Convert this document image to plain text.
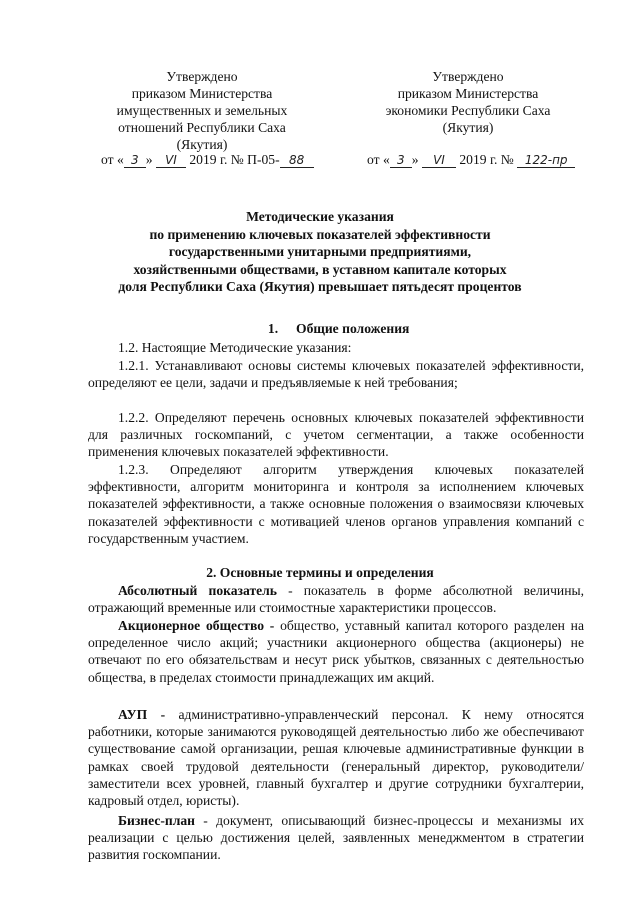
Утверждено
приказом Министерства
имущественных и земельных
отношений Республики Саха
(Якутия)
от « 3 » VI 2019 г. № П-05- 88
Утверждено
приказом Министерства
экономики Республики Саха
(Якутия)
от « 3 » VI 2019 г. № 122-пр
Методические указания
по применению ключевых показателей эффективности
государственными унитарными предприятиями,
хозяйственными обществами, в уставном капитале которых
доля Республики Саха (Якутия) превышает пятьдесят процентов
1. Общие положения
1.2. Настоящие Методические указания:
1.2.1. Устанавливают основы системы ключевых показателей эффективности, определяют ее цели, задачи и предъявляемые к ней требования;
1.2.2. Определяют перечень основных ключевых показателей эффективности для различных госкомпаний, с учетом сегментации, а также особенности применения ключевых показателей эффективности.
1.2.3. Определяют алгоритм утверждения ключевых показателей эффективности, алгоритм мониторинга и контроля за исполнением ключевых показателей эффективности, а также основные положения о взаимосвязи ключевых показателей эффективности с мотивацией членов органов управления компаний с государственным участием.
2. Основные термины и определения
Абсолютный показатель - показатель в форме абсолютной величины, отражающий временные или стоимостные характеристики процессов.
Акционерное общество - общество, уставный капитал которого разделен на определенное число акций; участники акционерного общества (акционеры) не отвечают по его обязательствам и несут риск убытков, связанных с деятельностью общества, в пределах стоимости принадлежащих им акций.
АУП - административно-управленческий персонал. К нему относятся работники, которые занимаются руководящей деятельностью либо же обеспечивают существование самой организации, решая ключевые административные функции в рамках своей трудовой деятельности (генеральный директор, руководители/заместители всех уровней, главный бухгалтер и другие сотрудники бухгалтерии, кадровый отдел, юристы).
Бизнес-план - документ, описывающий бизнес-процессы и механизмы их реализации с целью достижения целей, заявленных менеджментом в стратегии развития госкомпании.
